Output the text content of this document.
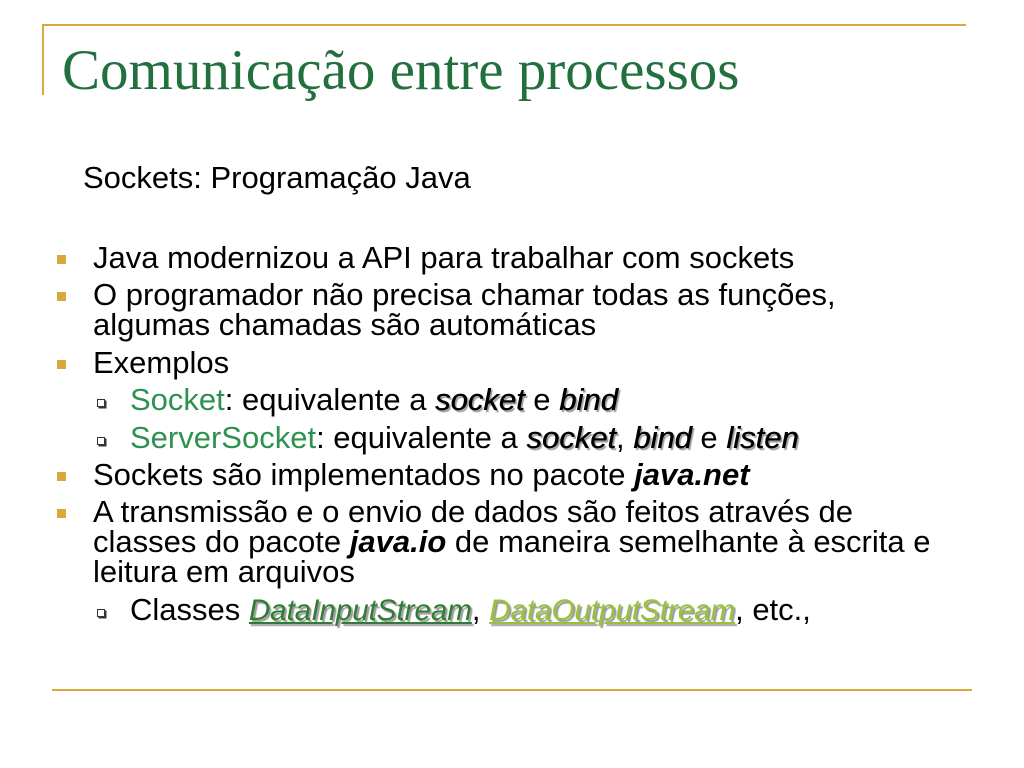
Comunicação entre processos
Sockets: Programação Java
Java modernizou a API para trabalhar com sockets
O programador não precisa chamar todas as funções,
algumas chamadas são automáticas
Exemplos
Socket: equivalente a socket e bind
ServerSocket: equivalente a socket, bind e listen
Sockets são implementados no pacote java.net
A transmissão e o envio de dados são feitos através de
classes do pacote java.io de maneira semelhante à escrita e
leitura em arquivos
Classes DataInputStream, DataOutputStream, etc.,
